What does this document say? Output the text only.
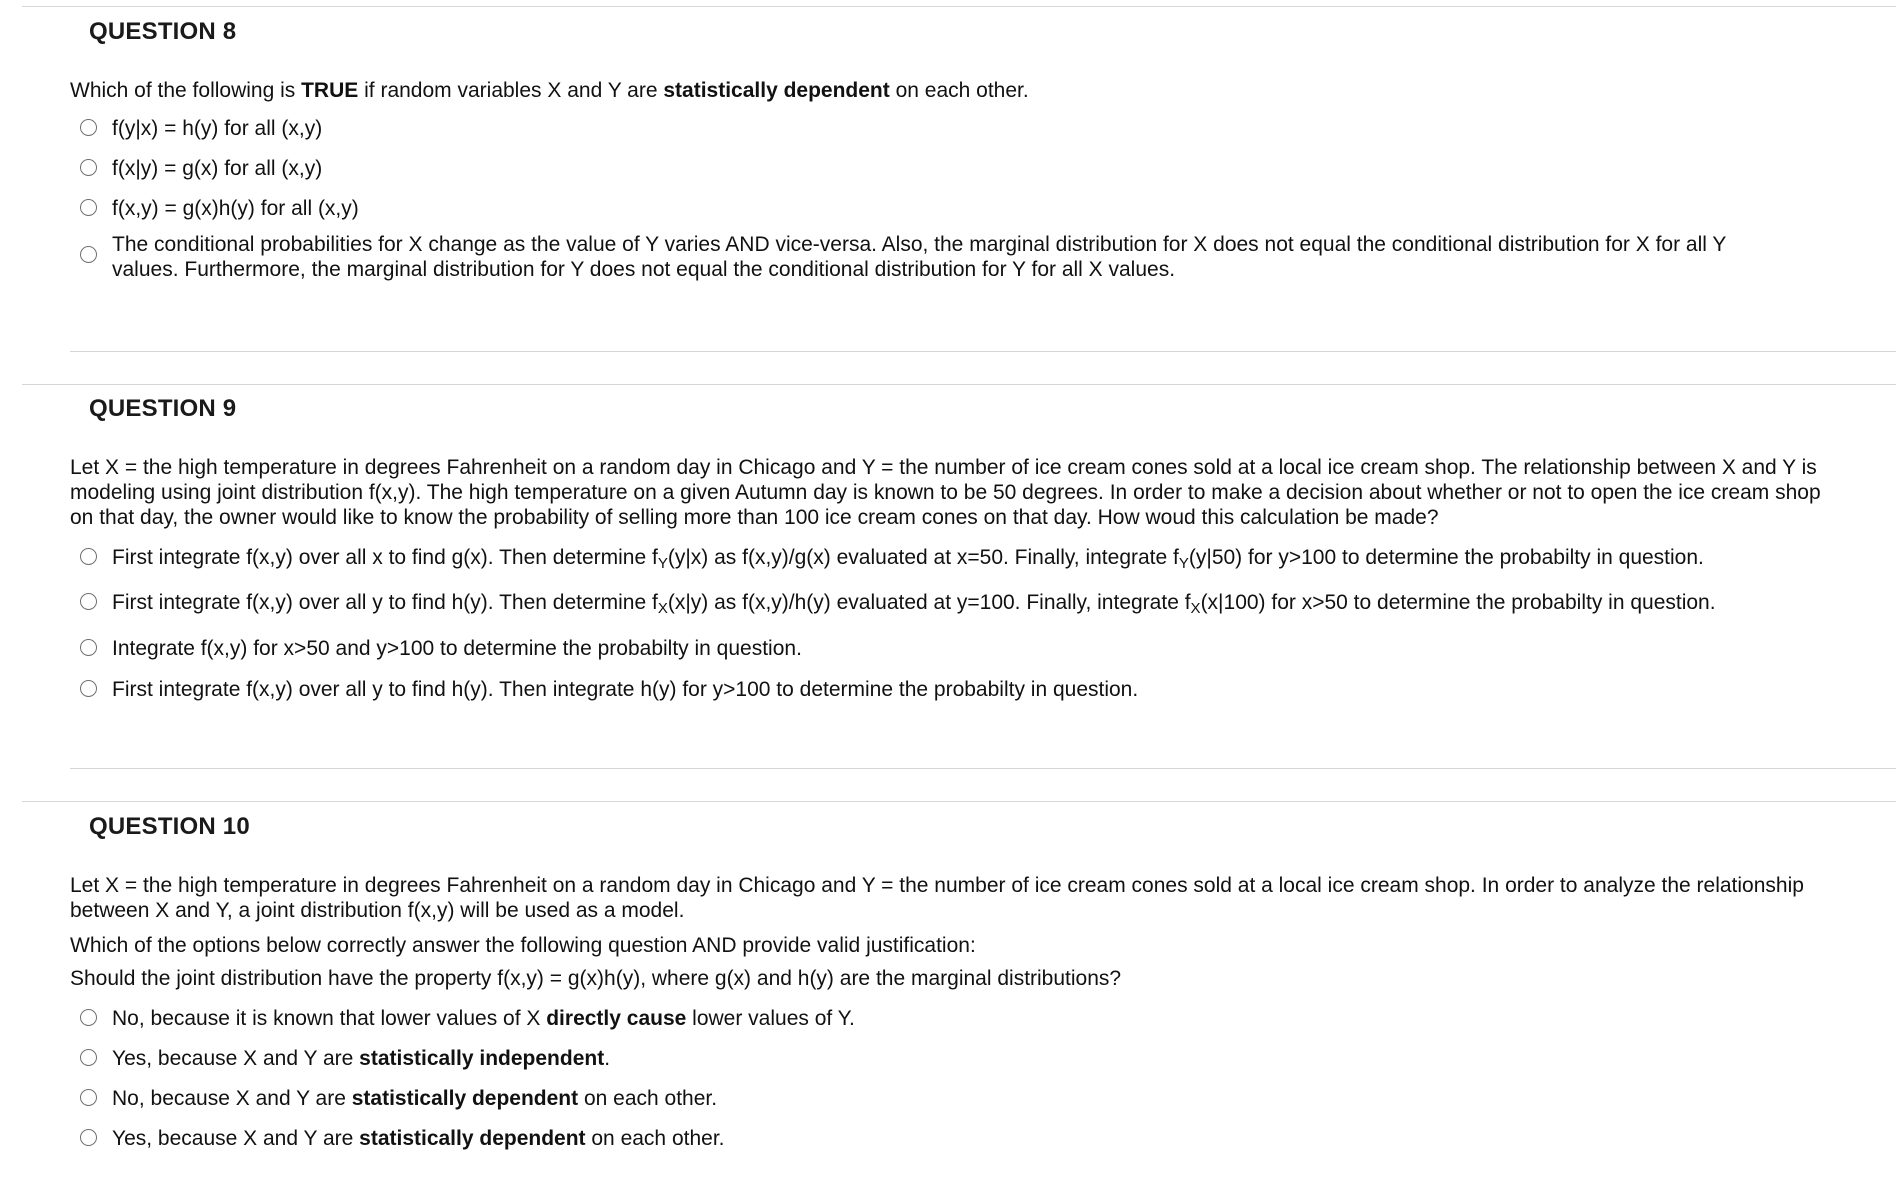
QUESTION 8
Which of the following is TRUE if random variables X and Y are statistically dependent on each other.
f(y|x) = h(y) for all (x,y)
f(x|y) = g(x) for all (x,y)
f(x,y) = g(x)h(y) for all (x,y)
The conditional probabilities for X change as the value of Y varies AND vice-versa. Also, the marginal distribution for X does not equal the conditional distribution for X for all Y values. Furthermore, the marginal distribution for Y does not equal the conditional distribution for Y for all X values.
QUESTION 9
Let X = the high temperature in degrees Fahrenheit on a random day in Chicago and Y = the number of ice cream cones sold at a local ice cream shop. The relationship between X and Y is modeling using joint distribution f(x,y). The high temperature on a given Autumn day is known to be 50 degrees. In order to make a decision about whether or not to open the ice cream shop on that day, the owner would like to know the probability of selling more than 100 ice cream cones on that day. How woud this calculation be made?
First integrate f(x,y) over all x to find g(x). Then determine $f_Y(y|x)$ as f(x,y)/g(x) evaluated at x=50. Finally, integrate $f_Y(y|50)$ for y>100 to determine the probabilty in question.
First integrate f(x,y) over all y to find h(y). Then determine $f_X(x|y)$ as f(x,y)/h(y) evaluated at y=100. Finally, integrate $f_X(x|100)$ for x>50 to determine the probabilty in question.
Integrate f(x,y) for x>50 and y>100 to determine the probabilty in question.
First integrate f(x,y) over all y to find h(y). Then integrate h(y) for y>100 to determine the probabilty in question.
QUESTION 10
Let X = the high temperature in degrees Fahrenheit on a random day in Chicago and Y = the number of ice cream cones sold at a local ice cream shop. In order to analyze the relationship between X and Y, a joint distribution f(x,y) will be used as a model.
Which of the options below correctly answer the following question AND provide valid justification:
Should the joint distribution have the property f(x,y) = g(x)h(y), where g(x) and h(y) are the marginal distributions?
No, because it is known that lower values of X directly cause lower values of Y.
Yes, because X and Y are statistically independent.
No, because X and Y are statistically dependent on each other.
Yes, because X and Y are statistically dependent on each other.
